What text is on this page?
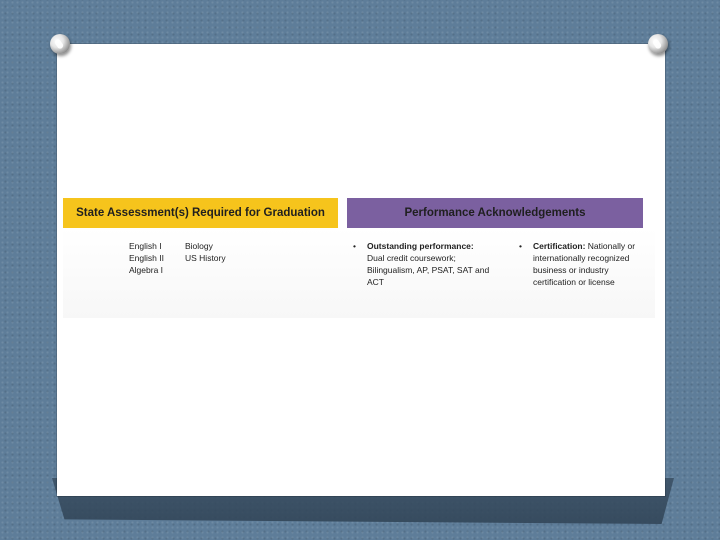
State Assessment(s) Required for Graduation	Performance Acknowledgements
English I
English II
Algebra I
Biology
US History
• Outstanding performance:
Dual credit coursework;
Bilingualism, AP, PSAT, SAT and
ACT
• Certification: Nationally or
internationally recognized
business or industry
certification or license
